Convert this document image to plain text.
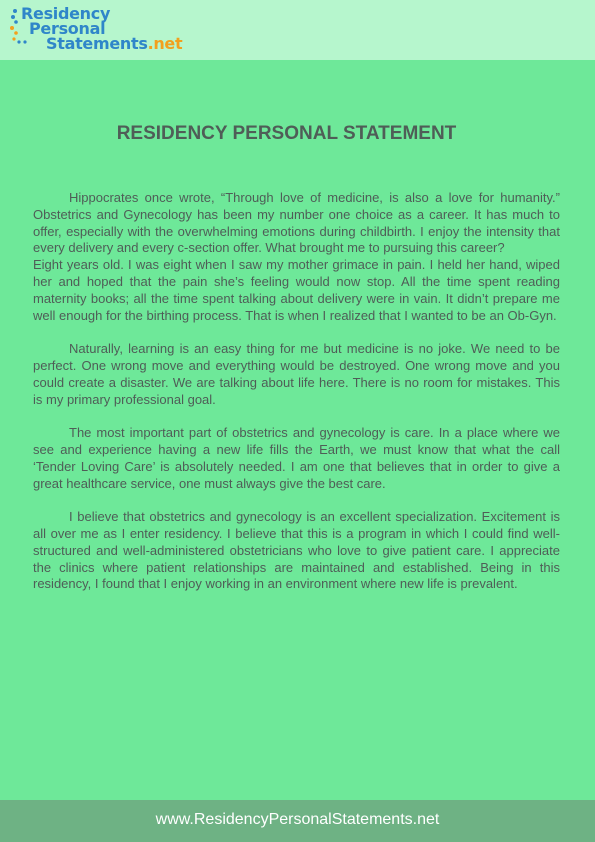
Residency
Personal
Statements.net
RESIDENCY PERSONAL STATEMENT

Hippocrates once wrote, “Through love of medicine, is also a love for humanity.” Obstetrics and Gynecology has been my number one choice as a career. It has much to offer, especially with the overwhelming emotions during childbirth. I enjoy the intensity that every delivery and every c-section offer. What brought me to pursuing this career?

Eight years old. I was eight when I saw my mother grimace in pain. I held her hand, wiped her and hoped that the pain she’s feeling would now stop. All the time spent reading maternity books; all the time spent talking about delivery were in vain. It didn’t prepare me well enough for the birthing process. That is when I realized that I wanted to be an Ob-Gyn.

Naturally, learning is an easy thing for me but medicine is no joke. We need to be perfect. One wrong move and everything would be destroyed. One wrong move and you could create a disaster. We are talking about life here. There is no room for mistakes. This is my primary professional goal.

The most important part of obstetrics and gynecology is care. In a place where we see and experience having a new life fills the Earth, we must know that what the call ‘Tender Loving Care’ is absolutely needed. I am one that believes that in order to give a great healthcare service, one must always give the best care.

I believe that obstetrics and gynecology is an excellent specialization. Excitement is all over me as I enter residency. I believe that this is a program in which I could find well-structured and well-administered obstetricians who love to give patient care. I appreciate the clinics where patient relationships are maintained and established. Being in this residency, I found that I enjoy working in an environment where new life is prevalent.

www.ResidencyPersonalStatements.net
